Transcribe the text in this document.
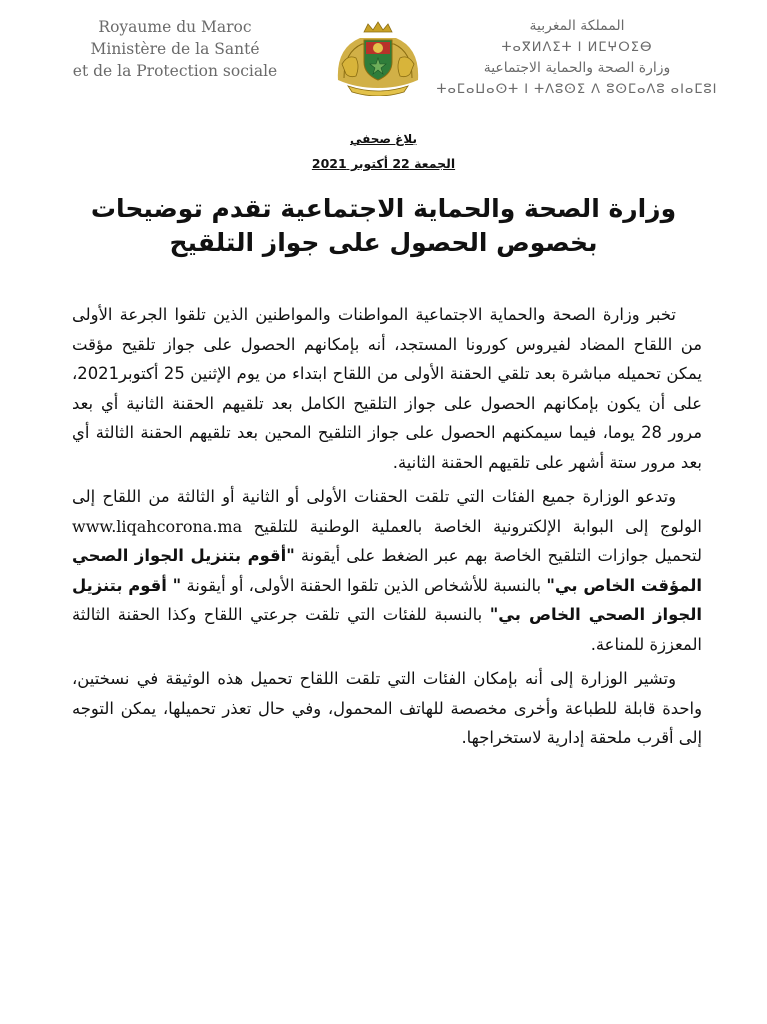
Royaume du Maroc
Ministère de la Santé
et de la Protection sociale
المملكة المغربية
ⵜⴰⴳⵍⴷⵉⵜ ⵏ ⵍⵎⵖⵔⵉⴱ
وزارة الصحة والحماية الاجتماعية
ⵜⴰⵎⴰⵡⴰⵙⵜ ⵏ ⵜⴷⵓⵙⵉ ⴷ ⵓⵙⵎⴰⴷⵓ ⴰⵏⴰⵎⵓⵏ
بلاغ صحفي
الجمعة 22 أكتوبر 2021
وزارة الصحة والحماية الاجتماعية تقدم توضيحات
بخصوص الحصول على جواز التلقيح

تخبر وزارة الصحة والحماية الاجتماعية المواطنات والمواطنين الذين تلقوا الجرعة الأولى من اللقاح المضاد لفيروس كورونا المستجد، أنه بإمكانهم الحصول على جواز تلقيح مؤقت يمكن تحميله مباشرة بعد تلقي الحقنة الأولى من اللقاح ابتداء من يوم الإثنين 25 أكتوبر2021، على أن يكون بإمكانهم الحصول على جواز التلقيح الكامل بعد تلقيهم الحقنة الثانية أي بعد مرور 28 يوما، فيما سيمكنهم الحصول على جواز التلقيح المحين بعد تلقيهم الحقنة الثالثة أي بعد مرور ستة أشهر على تلقيهم الحقنة الثانية.

وتدعو الوزارة جميع الفئات التي تلقت الحقنات الأولى أو الثانية أو الثالثة من اللقاح إلى الولوج إلى البوابة الإلكترونية الخاصة بالعملية الوطنية للتلقيح www.liqahcorona.ma لتحميل جوازات التلقيح الخاصة بهم عبر الضغط على أيقونة "أقوم بتنزيل الجواز الصحي المؤقت الخاص بي" بالنسبة للأشخاص الذين تلقوا الحقنة الأولى، أو أيقونة " أقوم بتنزيل الجواز الصحي الخاص بي" بالنسبة للفئات التي تلقت جرعتي اللقاح وكذا الحقنة الثالثة المعززة للمناعة.

وتشير الوزارة إلى أنه بإمكان الفئات التي تلقت اللقاح تحميل هذه الوثيقة في نسختين، واحدة قابلة للطباعة وأخرى مخصصة للهاتف المحمول، وفي حال تعذر تحميلها، يمكن التوجه إلى أقرب ملحقة إدارية لاستخراجها.
